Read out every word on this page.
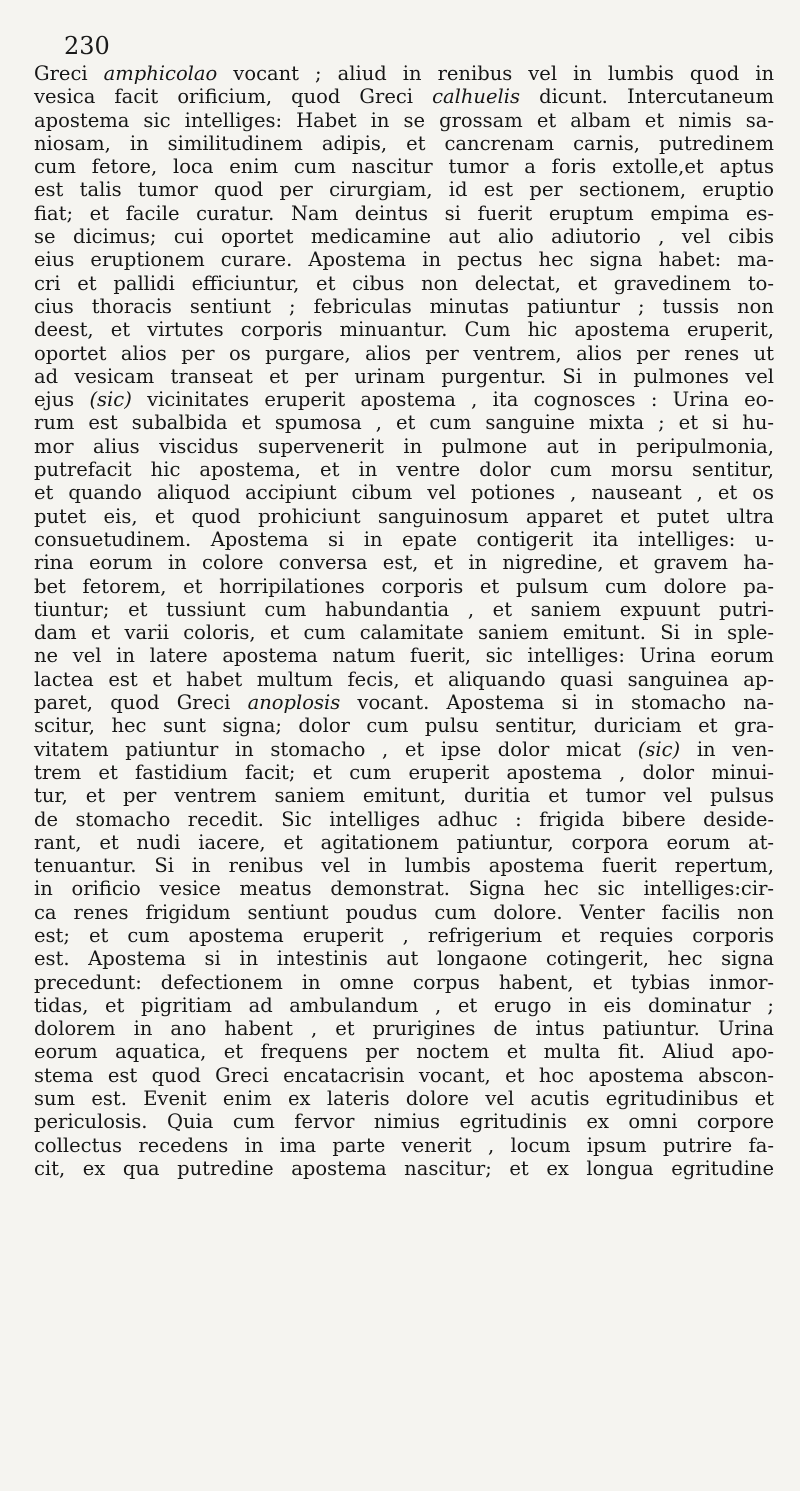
230
Greci amphicolao vocant ; aliud in renibus vel in lumbis quod in
vesica facit orificium, quod Greci calhuelis dicunt. Intercutaneum
apostema sic intelliges: Habet in se grossam et albam et nimis sa-
niosam, in similitudinem adipis, et cancrenam carnis, putredinem
cum fetore, loca enim cum nascitur tumor a foris extolle,et aptus
est talis tumor quod per cirurgiam, id est per sectionem, eruptio
fiat; et facile curatur. Nam deintus si fuerit eruptum empima es-
se dicimus; cui oportet medicamine aut alio adiutorio , vel cibis
eius eruptionem curare. Apostema in pectus hec signa habet: ma-
cri et pallidi efficiuntur, et cibus non delectat, et gravedinem to-
cius thoracis sentiunt ; febriculas minutas patiuntur ; tussis non
deest, et virtutes corporis minuantur. Cum hic apostema eruperit,
oportet alios per os purgare, alios per ventrem, alios per renes ut
ad vesicam transeat et per urinam purgentur. Si in pulmones vel
ejus (sic) vicinitates eruperit apostema , ita cognosces : Urina eo-
rum est subalbida et spumosa , et cum sanguine mixta ; et si hu-
mor alius viscidus supervenerit in pulmone aut in peripulmonia,
putrefacit hic apostema, et in ventre dolor cum morsu sentitur,
et quando aliquod accipiunt cibum vel potiones , nauseant , et os
putet eis, et quod prohiciunt sanguinosum apparet et putet ultra
consuetudinem. Apostema si in epate contigerit ita intelliges: u-
rina eorum in colore conversa est, et in nigredine, et gravem ha-
bet fetorem, et horripilationes corporis et pulsum cum dolore pa-
tiuntur; et tussiunt cum habundantia , et saniem expuunt putri-
dam et varii coloris, et cum calamitate saniem emitunt. Si in sple-
ne vel in latere apostema natum fuerit, sic intelliges: Urina eorum
lactea est et habet multum fecis, et aliquando quasi sanguinea ap-
paret, quod Greci anoplosis vocant. Apostema si in stomacho na-
scitur, hec sunt signa; dolor cum pulsu sentitur, duriciam et gra-
vitatem patiuntur in stomacho , et ipse dolor micat (sic) in ven-
trem et fastidium facit; et cum eruperit apostema , dolor minui-
tur, et per ventrem saniem emitunt, duritia et tumor vel pulsus
de stomacho recedit. Sic intelliges adhuc : frigida bibere deside-
rant, et nudi iacere, et agitationem patiuntur, corpora eorum at-
tenuantur. Si in renibus vel in lumbis apostema fuerit repertum,
in orificio vesice meatus demonstrat. Signa hec sic intelliges:cir-
ca renes frigidum sentiunt poudus cum dolore. Venter facilis non
est; et cum apostema eruperit , refrigerium et requies corporis
est. Apostema si in intestinis aut longaone cotingerit, hec signa
precedunt: defectionem in omne corpus habent, et tybias inmor-
tidas, et pigritiam ad ambulandum , et erugo in eis dominatur ;
dolorem in ano habent , et prurigines de intus patiuntur. Urina
eorum aquatica, et frequens per noctem et multa fit. Aliud apo-
stema est quod Greci encatacrisin vocant, et hoc apostema abscon-
sum est. Evenit enim ex lateris dolore vel acutis egritudinibus et
periculosis. Quia cum fervor nimius egritudinis ex omni corpore
collectus recedens in ima parte venerit , locum ipsum putrire fa-
cit, ex qua putredine apostema nascitur; et ex longua egritudine
